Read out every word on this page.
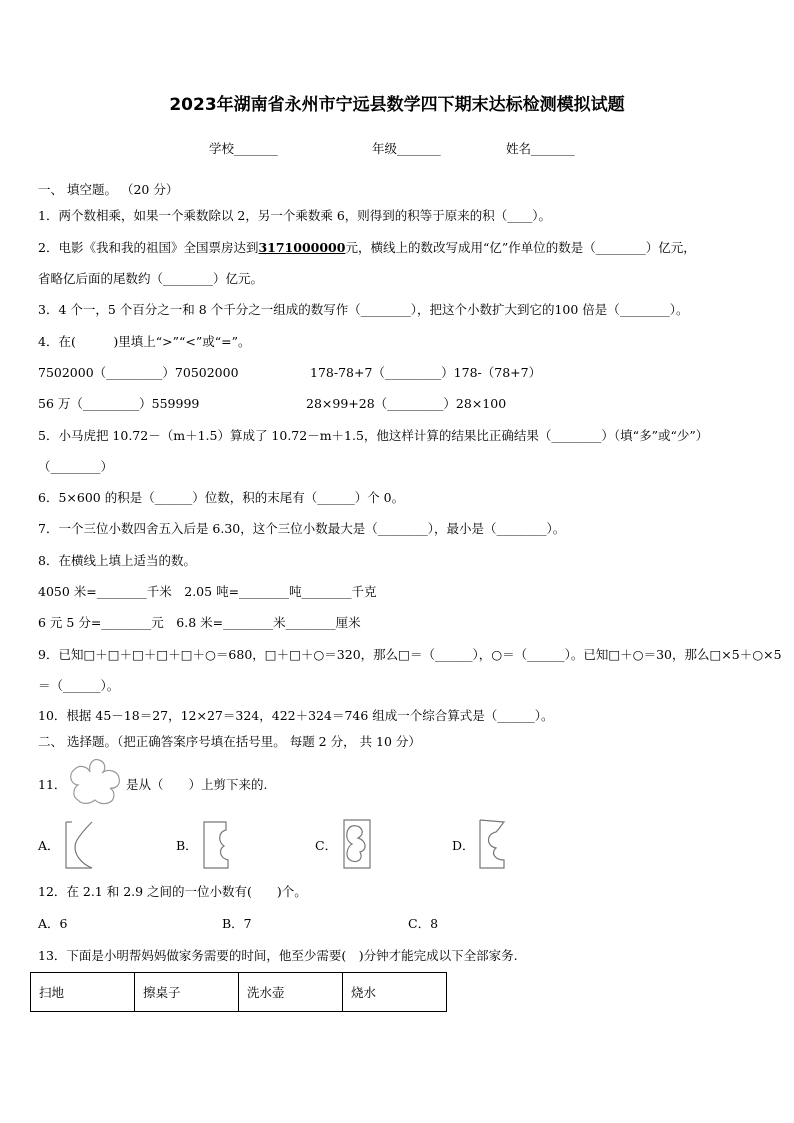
2023年湖南省永州市宁远县数学四下期末达标检测模拟试题
学校_______	年级_______	姓名_______
一、 填空题。 （20 分）
1．两个数相乘，如果一个乘数除以 2，另一个乘数乘 6，则得到的积等于原来的积（____）。
2．电影《我和我的祖国》全国票房达到3171000000元，横线上的数改写成用“亿”作单位的数是（________）亿元，
省略亿后面的尾数约（________）亿元。
3．4 个一，5 个百分之一和 8 个千分之一组成的数写作（________），把这个小数扩大到它的100 倍是（________）。
4．在(　　　)里填上“>”“<”或“=”。
7502000（_________）70502000	178-78+7（_________）178-（78+7）
56 万（_________）559999	28×99+28（_________）28×100
5．小马虎把 10.72－（m＋1.5）算成了 10.72－m＋1.5，他这样计算的结果比正确结果（________）（填“多”或“少”）
（________）
6．5×600 的积是（______）位数，积的末尾有（______）个 0。
7．一个三位小数四舍五入后是 6.30，这个三位小数最大是（________），最小是（________）。
8．在横线上填上适当的数。
4050 米=________千米　2.05 吨=________吨________千克
6 元 5 分=________元　6.8 米=________米________厘米
9．已知□＋□＋□＋□＋□＋○＝680，□＋□＋○＝320，那么□＝（______），○＝（______）。已知□＋○＝30，那么□×5＋○×5
＝（______）。
10．根据 45－18＝27，12×27＝324，422＋324＝746 组成一个综合算式是（______）。
二、 选择题。（把正确答案序号填在括号里。 每题 2 分， 共 10 分）
11．	是从（　　）上剪下来的.
A．	B．	C．	D．
12．在 2.1 和 2.9 之间的一位小数有(　　)个。
A．6	B．7	C．8
13．下面是小明帮妈妈做家务需要的时间，他至少需要(　)分钟才能完成以下全部家务.
扫地	擦桌子	洗水壶	烧水
